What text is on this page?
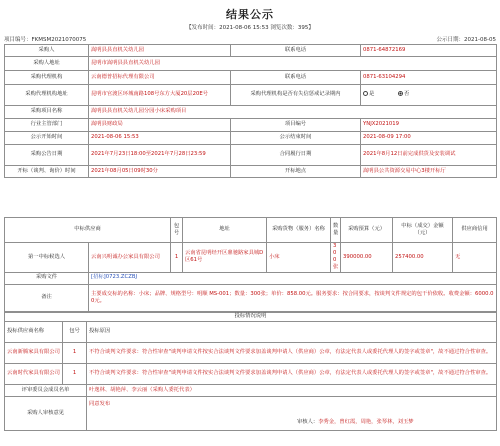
结果公示
【发布时间：2021-08-06 15:53 浏览次数：395】
项目编号：FKMSM2021070075	公示日期：2021-08-05
采购人	嵩明县县直机关幼儿园	联系电话	0871-64872169
采购人地址	昆明市嵩明县县直机关幼儿园		
采购代理机构	云南德普招标代理有限公司	联系电话	0871-63104294
采购代理机构地址	昆明市官渡区环城南路108号东方大厦20层20E号	采购代理机构是否有失信惩戒记录期内	是 否
采购项目名称	嵩明县县直机关幼儿园分园小床采购项目		
行业主管部门	嵩明县财政局	项目编号	YNJX2021019
公示开始时间	2021-08-06 15:53	公示结束时间	2021-08-09 17:00
采购公告日期	2021年7月23日18:00至2021年7月28日23:59	合同履行日期	2021年8月12日前完成供货及安装调试
开标（谈判、询价）时间	2021年08月05日09时30分	开标地点	嵩明县公共资源交易中心3楼开标厅
中标供应商		包号	地址	采购货物（服务）名称	数量	采购预算（元）	中标（成交）金额（元）	供应商信用
第一中标候选人	云南兴明诚办公家具有限公司	1	云南省昆明经开区鼎驰路家具城D区61号	小床	300张	390000.00	257400.00	无
采购文件	[招标]0723.ZCZBJ							
备注	主要成交标的名称：小床；品牌、规格型号：明顺 MS-001；数量：300张；单价：858.00元。服务要求：按合同要求，按谈判文件规定的包干价依收。收费金额：6000.00元。							
投标情况说明		
投标供应商名称	包号	投标原因
云南新腾家具有限公司	1	不符合谈判文件要求：符合性审查"谈判申请文件按实合法谈判文件要求加盖谈判申请人（供应商）公章，有法定代表人或委托代理人的签字或签章"，故不通过符合性审查。
云南时代家具有限公司	1	不符合谈判文件要求：符合性审查"谈判申请文件按实合法谈判文件要求加盖谈判申请人（供应商）公章，有法定代表人或委托代理人的签字或签章"，故不通过符合性审查。
评审委员会成员名单		叶逸林、胡艳萍、李云丽（采购人委托代表）
采购人审核意见		同意发布
审核人：李秀金，曾红霞，周艳，张琴林，刘玉梦
